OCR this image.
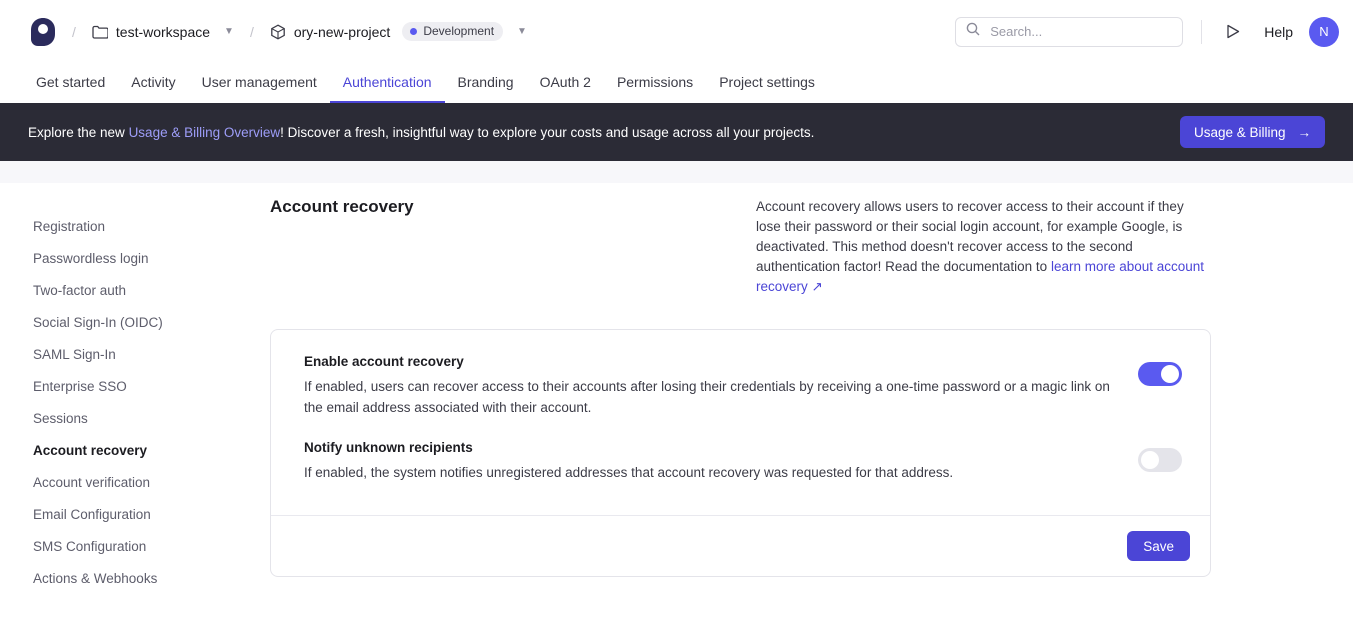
/	test-workspace ▼ /	ory-new-project	Development ▼
Search...	Help	N
Get started	Activity	User management	Authentication	Branding	OAuth 2	Permissions	Project settings
Explore the new Usage & Billing Overview! Discover a fresh, insightful way to explore your costs and usage across all your projects.	Usage & Billing →
Registration
Passwordless login
Two-factor auth
Social Sign-In (OIDC)
SAML Sign-In
Enterprise SSO
Sessions
Account recovery
Account verification
Email Configuration
SMS Configuration
Actions & Webhooks
Account recovery	Account recovery allows users to recover access to their account if they lose their password or their social login account, for example Google, is deactivated. This method doesn't recover access to the second authentication factor! Read the documentation to learn more about account recovery ↗
Enable account recovery
If enabled, users can recover access to their accounts after losing their credentials by receiving a one-time password or a magic link on the email address associated with their account.
Notify unknown recipients
If enabled, the system notifies unregistered addresses that account recovery was requested for that address.
Save
